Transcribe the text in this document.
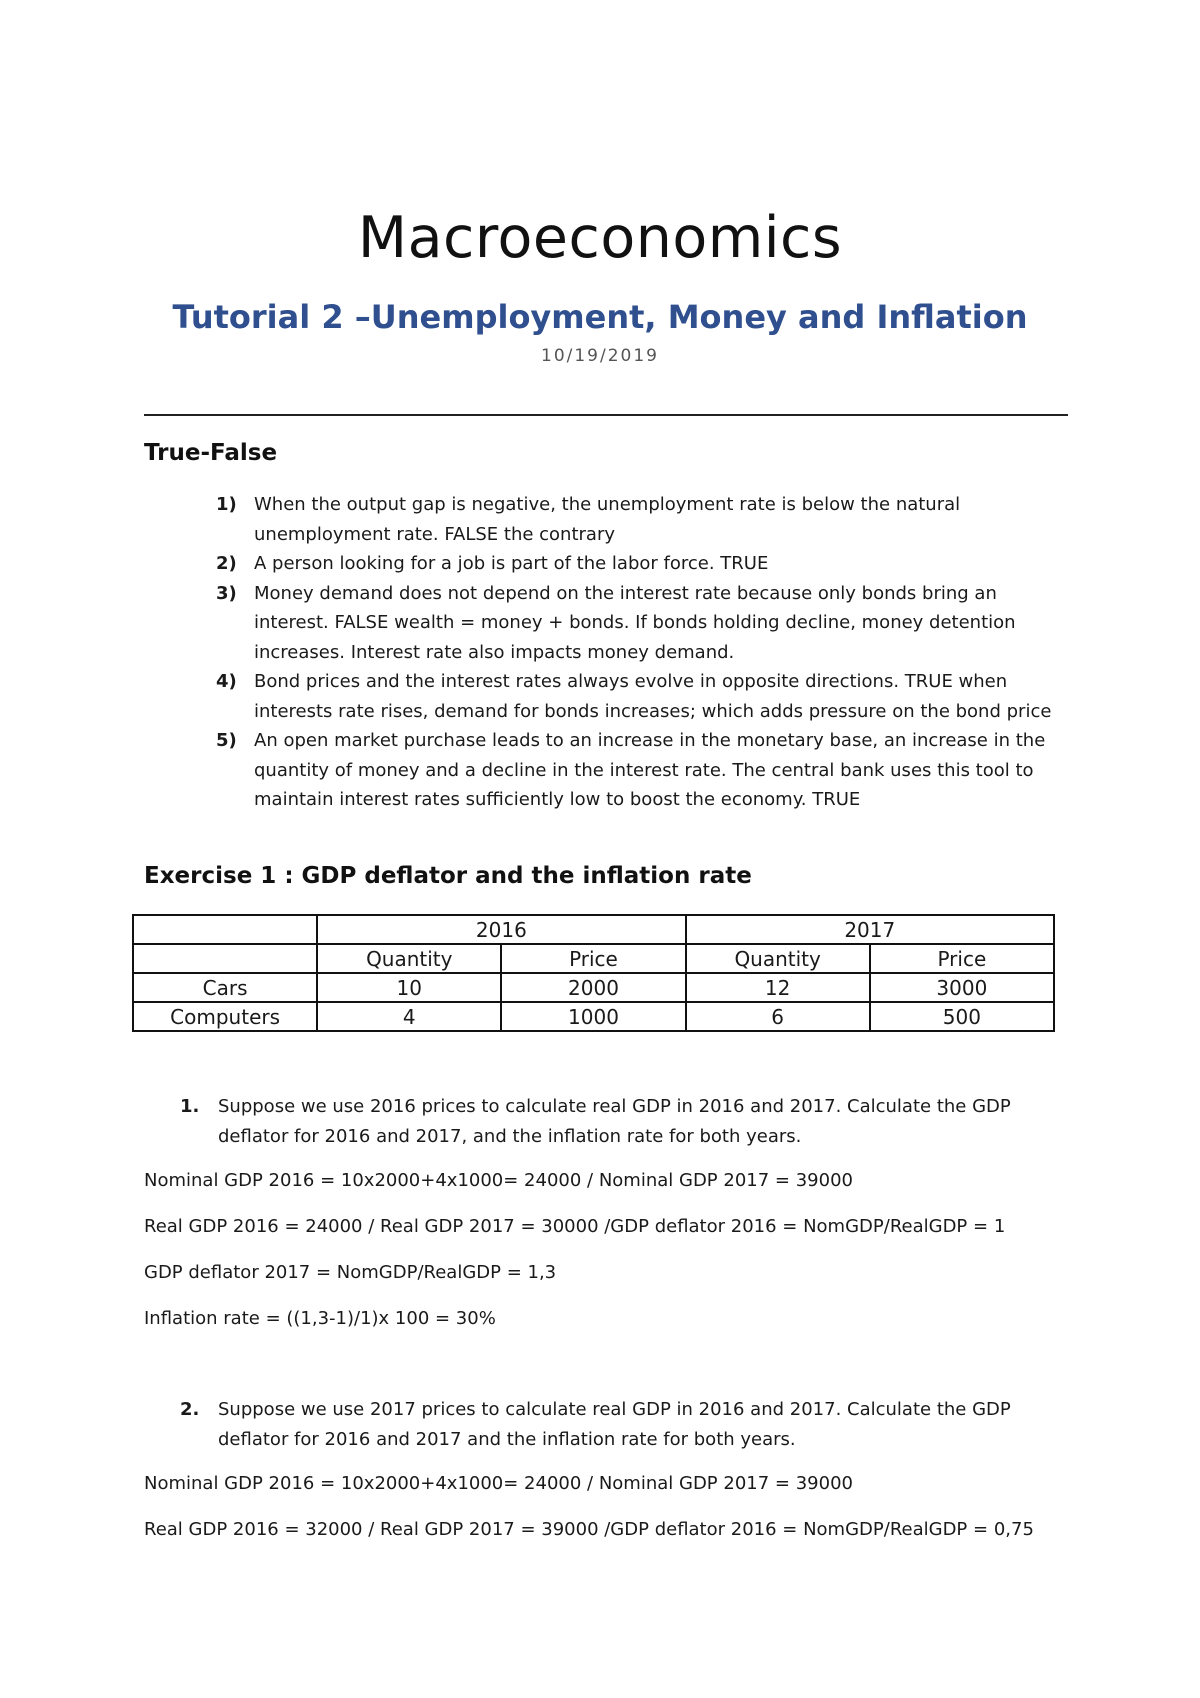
Macroeconomics
Tutorial 2 –Unemployment, Money and Inflation
10/19/2019
True-False
1) When the output gap is negative, the unemployment rate is below the natural unemployment rate. FALSE the contrary
2) A person looking for a job is part of the labor force. TRUE
3) Money demand does not depend on the interest rate because only bonds bring an interest. FALSE wealth = money + bonds. If bonds holding decline, money detention increases. Interest rate also impacts money demand.
4) Bond prices and the interest rates always evolve in opposite directions. TRUE when interests rate rises, demand for bonds increases; which adds pressure on the bond price
5) An open market purchase leads to an increase in the monetary base, an increase in the quantity of money and a decline in the interest rate. The central bank uses this tool to maintain interest rates sufficiently low to boost the economy. TRUE
Exercise 1 : GDP deflator and the inflation rate
	2016		2017	
	Quantity	Price	Quantity	Price
Cars	10	2000	12	3000
Computers	4	1000	6	500
1. Suppose we use 2016 prices to calculate real GDP in 2016 and 2017. Calculate the GDP deflator for 2016 and 2017, and the inflation rate for both years.
Nominal GDP 2016 = 10x2000+4x1000= 24000 / Nominal GDP 2017 = 39000
Real GDP 2016 = 24000 / Real GDP 2017 = 30000 /GDP deflator 2016 = NomGDP/RealGDP = 1
GDP deflator 2017 = NomGDP/RealGDP = 1,3
Inflation rate = ((1,3-1)/1)x 100 = 30%
2. Suppose we use 2017 prices to calculate real GDP in 2016 and 2017. Calculate the GDP deflator for 2016 and 2017 and the inflation rate for both years.
Nominal GDP 2016 = 10x2000+4x1000= 24000 / Nominal GDP 2017 = 39000
Real GDP 2016 = 32000 / Real GDP 2017 = 39000 /GDP deflator 2016 = NomGDP/RealGDP = 0,75
